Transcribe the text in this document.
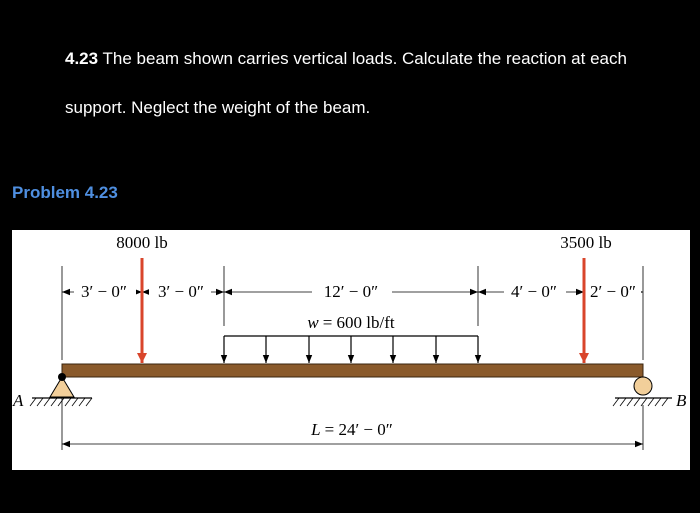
4.23 The beam shown carries vertical loads. Calculate the reaction at each support. Neglect the weight of the beam.
Problem 4.23
3′ − 0″ 3′ − 0″	12′ − 0″	4′ − 0″ 2′ − 0″
8000 lb	3500 lb
w = 600 lb/ft
A	B
L = 24′ − 0″
